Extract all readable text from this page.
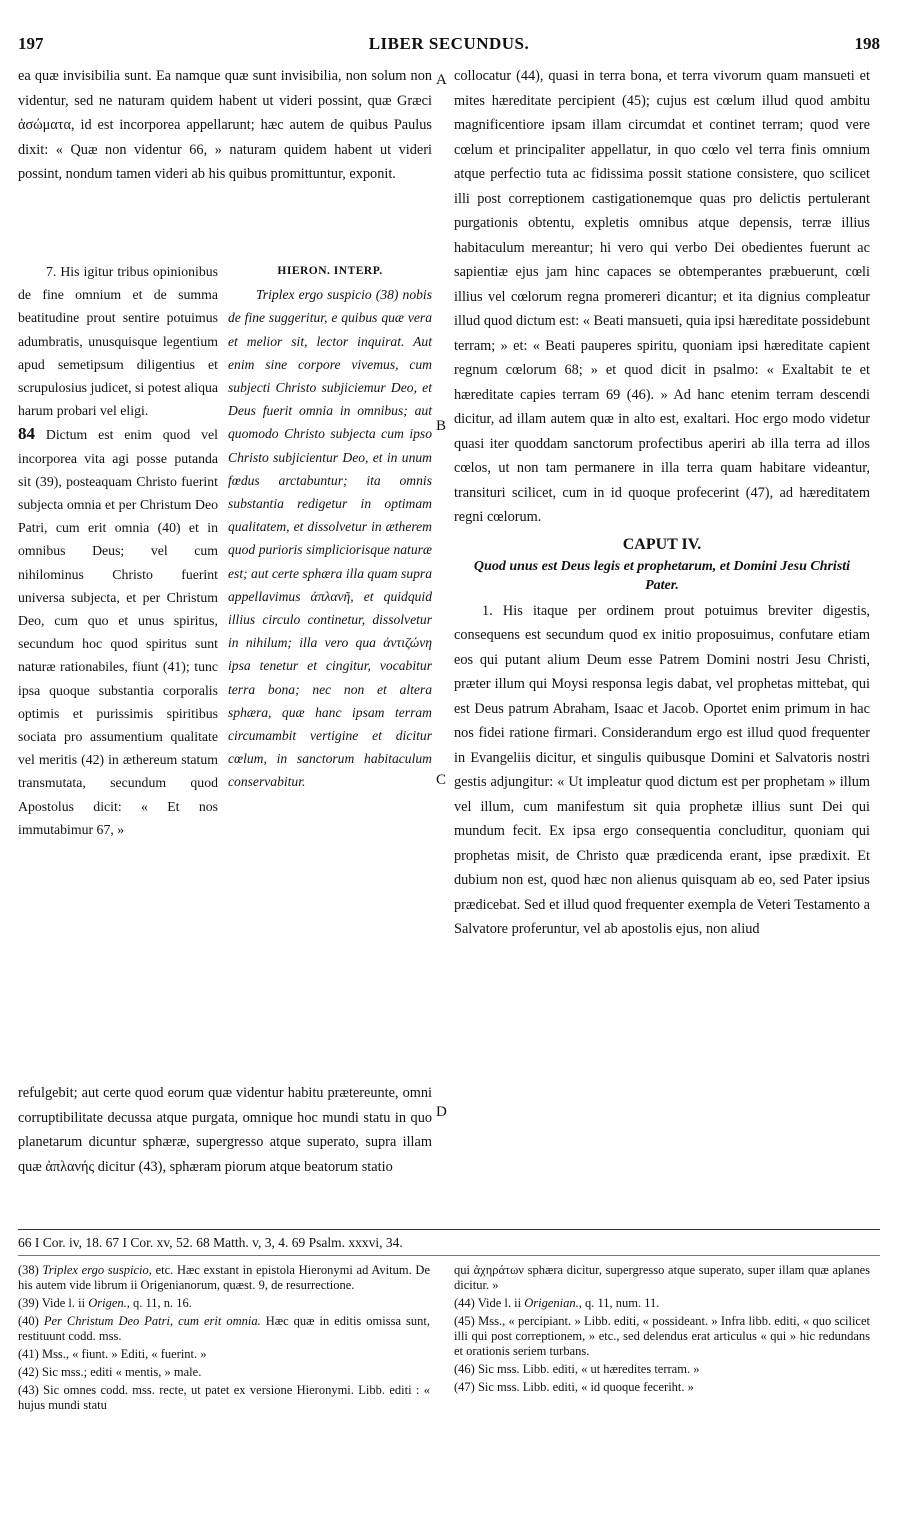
197	LIBER SECUNDUS.	198

ea quæ invisibilia sunt. Ea namque quæ sunt invisibilia, non solum non videntur, sed ne naturam quidem habent ut videri possint, quæ Græci ἀσώματα, id est incorporea appellarunt; hæc autem de quibus Paulus dixit: « Quæ non videntur 66, » naturam quidem habent ut videri possint, nondum tamen videri ab his quibus promittuntur, exponit.

7. His igitur tribus opinionibus de fine omnium et de summa beatitudine prout sentire potuimus adumbratis, unusquisque legentium apud semetipsum diligentius et scrupulosius judicet, si potest aliqua harum probari vel eligi.

84 Dictum est enim quod vel incorporea vita agi posse putanda sit (39), posteaquam Christo fuerint subjecta omnia et per Christum Deo Patri, cum erit omnia (40) et in omnibus Deus; vel cum nihilominus Christo fuerint universa subjecta, et per Christum Deo, cum quo et unus spiritus, secundum hoc quod spiritus sunt naturæ rationabiles, fiunt (41); tunc ipsa quoque substantia corporalis optimis et purissimis spiritibus sociata pro assumentium qualitate vel meritis (42) in æthereum statum transmutata, secundum quod Apostolus dicit: « Et nos immutabimur 67, »

HIERON. INTERP.

Triplex ergo suspicio (38) nobis de fine suggeritur, e quibus quæ vera et melior sit, lector inquirat. Aut enim sine corpore vivemus, cum subjecti Christo subjiciemur Deo, et Deus fuerit omnia in omnibus; aut quomodo Christo subjecta cum ipso Christo subjicientur Deo, et in unum fœdus arctabuntur; ita omnis substantia redigetur in optimam qualitatem, et dissolvetur in ætherem quod purioris simpliciorisque naturæ est; aut certe sphæra illa quam supra appellavimus ἀπλανῆ, et quidquid illius circulo continetur, dissolvetur in nihilum; illa vero qua ἀντιζώνη ipsa tenetur et cingitur, vocabitur terra bona; nec non et altera sphæra, quæ hanc ipsam terram circumambit vertigine et dicitur cœlum, in sanctorum habitaculum conservabitur.

refulgebit; aut certe quod eorum quæ videntur habitu prætereunte, omni corruptibilitate decussa atque purgata, omnique hoc mundi statu in quo planetarum dicuntur sphæræ, supergresso atque superato, supra illam quæ ἀπλανής dicitur (43), sphæram piorum atque beatorum statio

A
B
C
D

collocatur (44), quasi in terra bona, et terra vivorum quam mansueti et mites hæreditate percipient (45); cujus est cœlum illud quod ambitu magnificentiore ipsam illam circumdat et continet terram; quod vere cœlum et principaliter appellatur, in quo cœlo vel terra finis omnium atque perfectio tuta ac fidissima possit statione consistere, quo scilicet illi post correptionem castigationemque quas pro delictis pertulerant purgationis obtentu, expletis omnibus atque depensis, terræ illius habitaculum mereantur; hi vero qui verbo Dei obedientes fuerunt ac sapientiæ ejus jam hinc capaces se obtemperantes præbuerunt, cœli illius vel cœlorum regna promereri dicantur; et ita dignius compleatur illud quod dictum est: « Beati mansueti, quia ipsi hæreditate possidebunt terram; » et: « Beati pauperes spiritu, quoniam ipsi hæreditate capient regnum cœlorum 68; » et quod dicit in psalmo: « Exaltabit te et hæreditate capies terram 69 (46). » Ad hanc etenim terram descendi dicitur, ad illam autem quæ in alto est, exaltari. Hoc ergo modo videtur quasi iter quoddam sanctorum profectibus aperiri ab illa terra ad illos cœlos, ut non tam permanere in illa terra quam habitare videantur, transituri scilicet, cum in id quoque profecerint (47), ad hæreditatem regni cœlorum.

CAPUT IV.
Quod unus est Deus legis et prophetarum, et Domini Jesu Christi Pater.

1. His itaque per ordinem prout potuimus breviter digestis, consequens est secundum quod ex initio proposuimus, confutare etiam eos qui putant alium Deum esse Patrem Domini nostri Jesu Christi, præter illum qui Moysi responsa legis dabat, vel prophetas mittebat, qui est Deus patrum Abraham, Isaac et Jacob. Oportet enim primum in hac nos fidei ratione firmari. Considerandum ergo est illud quod frequenter in Evangeliis dicitur, et singulis quibusque Domini et Salvatoris nostri gestis adjungitur: « Ut impleatur quod dictum est per prophetam » illum vel illum, cum manifestum sit quia prophetæ illius sunt Dei qui mundum fecit. Ex ipsa ergo consequentia concluditur, quoniam qui prophetas misit, de Christo quæ prædicenda erant, ipse prædixit. Et dubium non est, quod hæc non alienus quisquam ab eo, sed Pater ipsius prædicebat. Sed et illud quod frequenter exempla de Veteri Testamento a Salvatore proferuntur, vel ab apostolis ejus, non aliud

66 I Cor. iv, 18. 67 I Cor. xv, 52. 68 Matth. v, 3, 4. 69 Psalm. xxxvi, 34.

(38) Triplex ergo suspicio, etc. Hæc exstant in epistola Hieronymi ad Avitum. De his autem vide librum ii Origenianorum, quæst. 9, de resurrectione.

(39) Vide l. ii Origen., q. 11, n. 16.

(40) Per Christum Deo Patri, cum erit omnia. Hæc quæ in editis omissa sunt, restituunt codd. mss.

(41) Mss., « fiunt. » Editi, « fuerint. »

(42) Sic mss.; editi « mentis, » male.

(43) Sic omnes codd. mss. recte, ut patet ex versione Hieronymi. Libb. editi : « hujus mundi statu

qui ἀχηράτων sphæra dicitur, supergresso atque superato, super illam quæ aplanes dicitur. »

(44) Vide l. ii Origenian., q. 11, num. 11.

(45) Mss., « percipiant. » Libb. editi, « possideant. » Infra libb. editi, « quo scilicet illi qui post correptionem, » etc., sed delendus erat articulus « qui » hic redundans et orationis seriem turbans.

(46) Sic mss. Libb. editi, « ut hæredites terram. »

(47) Sic mss. Libb. editi, « id quoque feceriht. »
